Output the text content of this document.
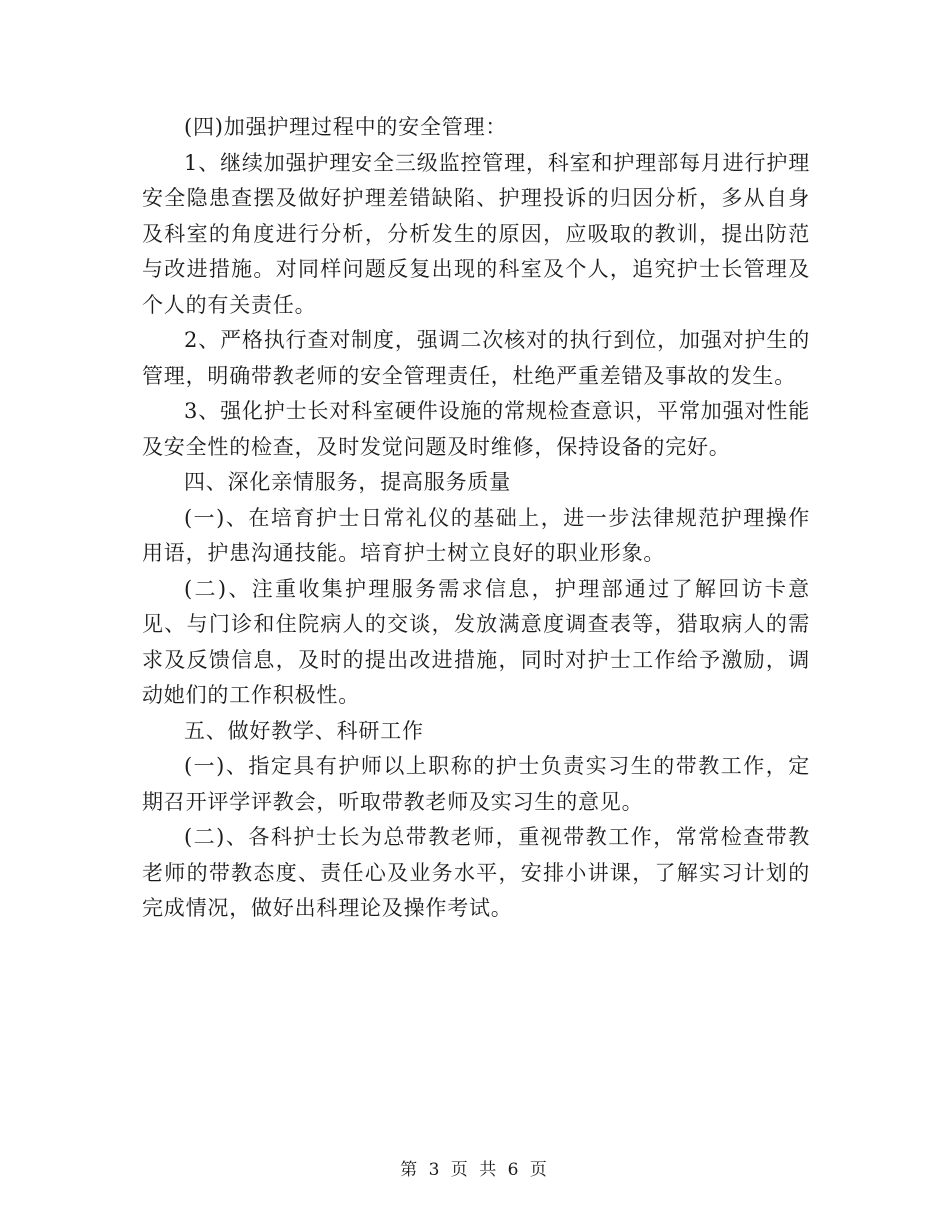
(四)加强护理过程中的安全管理：

1、继续加强护理安全三级监控管理，科室和护理部每月进行护理安全隐患查摆及做好护理差错缺陷、护理投诉的归因分析，多从自身及科室的角度进行分析，分析发生的原因，应吸取的教训，提出防范与改进措施。对同样问题反复出现的科室及个人，追究护士长管理及个人的有关责任。

2、严格执行查对制度，强调二次核对的执行到位，加强对护生的管理，明确带教老师的安全管理责任，杜绝严重差错及事故的发生。

3、强化护士长对科室硬件设施的常规检查意识，平常加强对性能及安全性的检查，及时发觉问题及时维修，保持设备的完好。

四、深化亲情服务，提高服务质量

(一)、在培育护士日常礼仪的基础上，进一步法律规范护理操作用语，护患沟通技能。培育护士树立良好的职业形象。

(二)、注重收集护理服务需求信息，护理部通过了解回访卡意见、与门诊和住院病人的交谈，发放满意度调查表等，猎取病人的需求及反馈信息，及时的提出改进措施，同时对护士工作给予激励，调动她们的工作积极性。

五、做好教学、科研工作

(一)、指定具有护师以上职称的护士负责实习生的带教工作，定期召开评学评教会，听取带教老师及实习生的意见。

(二)、各科护士长为总带教老师，重视带教工作，常常检查带教老师的带教态度、责任心及业务水平，安排小讲课，了解实习计划的完成情况，做好出科理论及操作考试。

第 3 页 共 6 页
